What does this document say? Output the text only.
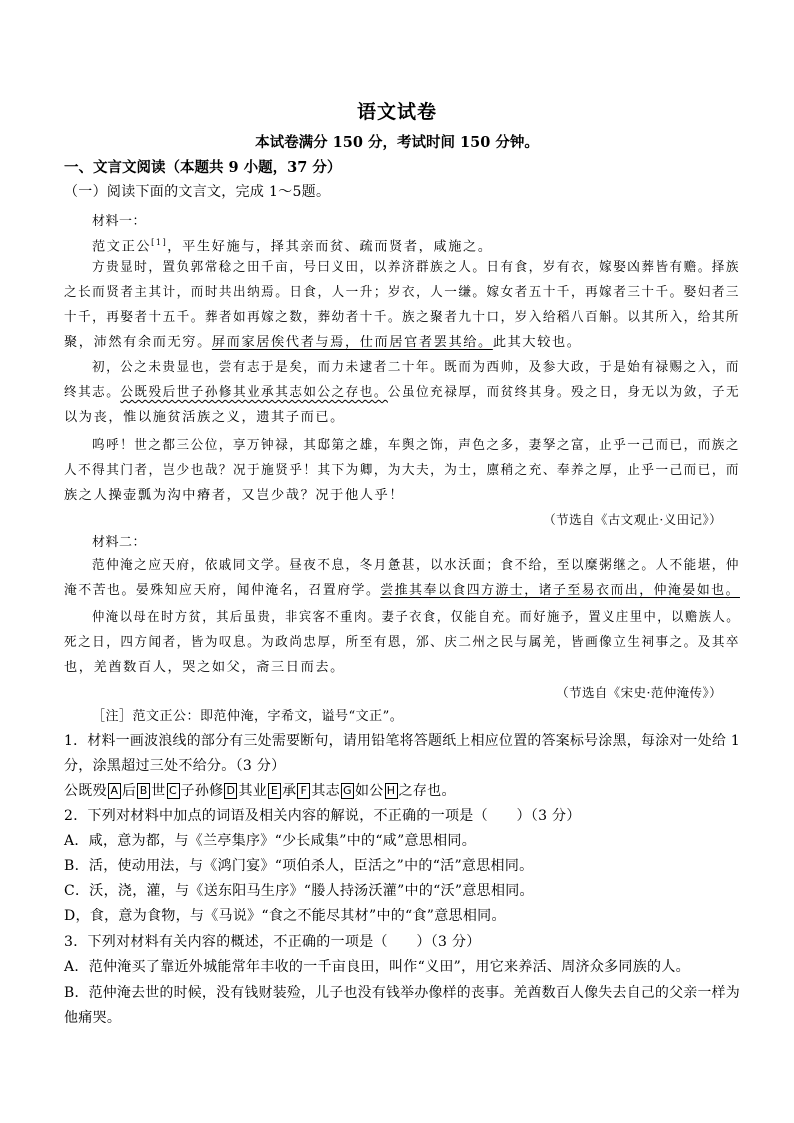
语文试卷
本试卷满分 150 分，考试时间 150 分钟。
一、文言文阅读（本题共 9 小题，37 分）
（一）阅读下面的文言文，完成 1～5题。
材料一：
范文正公[1]，平生好施与，择其亲而贫、疏而贤者，咸施之。
方贵显时，置负郭常稔之田千亩，号曰义田，以养济群族之人。日有食，岁有衣，嫁娶凶葬皆有赡。择族
之长而贤者主其计，而时共出纳焉。日食，人一升；岁衣，人一缣。嫁女者五十千，再嫁者三十千。娶妇者三
十千，再娶者十五千。葬者如再嫁之数，葬幼者十千。族之聚者九十口，岁入给稻八百斛。以其所入，给其所
聚，沛然有余而无穷。屏而家居俟代者与焉，仕而居官者罢其给。此其大较也。
初，公之未贵显也，尝有志于是矣，而力未逮者二十年。既而为西帅，及参大政，于是始有禄赐之入，而
终其志。公既殁后世子孙修其业承其志如公之存也。公虽位充禄厚，而贫终其身。殁之日，身无以为敛，子无
以为丧，惟以施贫活族之义，遗其子而已。
呜呼！世之都三公位，享万钟禄，其邸第之雄，车舆之饰，声色之多，妻孥之富，止乎一己而已，而族之
人不得其门者，岂少也哉？况于施贤乎！其下为卿，为大夫，为士，廪稍之充、奉养之厚，止乎一己而已，而
族之人操壶瓢为沟中瘠者，又岂少哉？况于他人乎！
（节选自《古文观止·义田记》）
材料二：
范仲淹之应天府，依戚同文学。昼夜不息，冬月惫甚，以水沃面；食不给，至以糜粥继之。人不能堪，仲
淹不苦也。晏殊知应天府，闻仲淹名，召置府学。尝推其奉以食四方游士，诸子至易衣而出，仲淹晏如也。
仲淹以母在时方贫，其后虽贵，非宾客不重肉。妻子衣食，仅能自充。而好施予，置义庄里中，以赡族人。
死之日，四方闻者，皆为叹息。为政尚忠厚，所至有恩，邠、庆二州之民与属羌，皆画像立生祠事之。及其卒
也，羌酋数百人，哭之如父，斋三日而去。
（节选自《宋史·范仲淹传》）
［注］范文正公：即范仲淹，字希文，谥号“文正”。
1．材料一画波浪线的部分有三处需要断句，请用铅笔将答题纸上相应位置的答案标号涂黑，每涂对一处给 1
分，涂黑超过三处不给分。（3 分）
公既殁 A 后 B 世 C 子孙修 D 其业 E 承 F 其志 G 如公 H 之存也。
2．下列对材料中加点的词语及相关内容的解说，不正确的一项是（　　）（3 分）
A．咸，意为都，与《兰亭集序》“少长咸集”中的“咸”意思相同。
B．活，使动用法，与《鸿门宴》“项伯杀人，臣活之”中的“活”意思相同。
C．沃，浇，灌，与《送东阳马生序》“媵人持汤沃灌”中的“沃”意思相同。
D，食，意为食物，与《马说》“食之不能尽其材”中的“食”意思相同。
3．下列对材料有关内容的概述，不正确的一项是（　　）（3 分）
A．范仲淹买了靠近外城能常年丰收的一千亩良田，叫作“义田”，用它来养活、周济众多同族的人。
B．范仲淹去世的时候，没有钱财装殓，儿子也没有钱举办像样的丧事。羌酋数百人像失去自己的父亲一样为
他痛哭。
